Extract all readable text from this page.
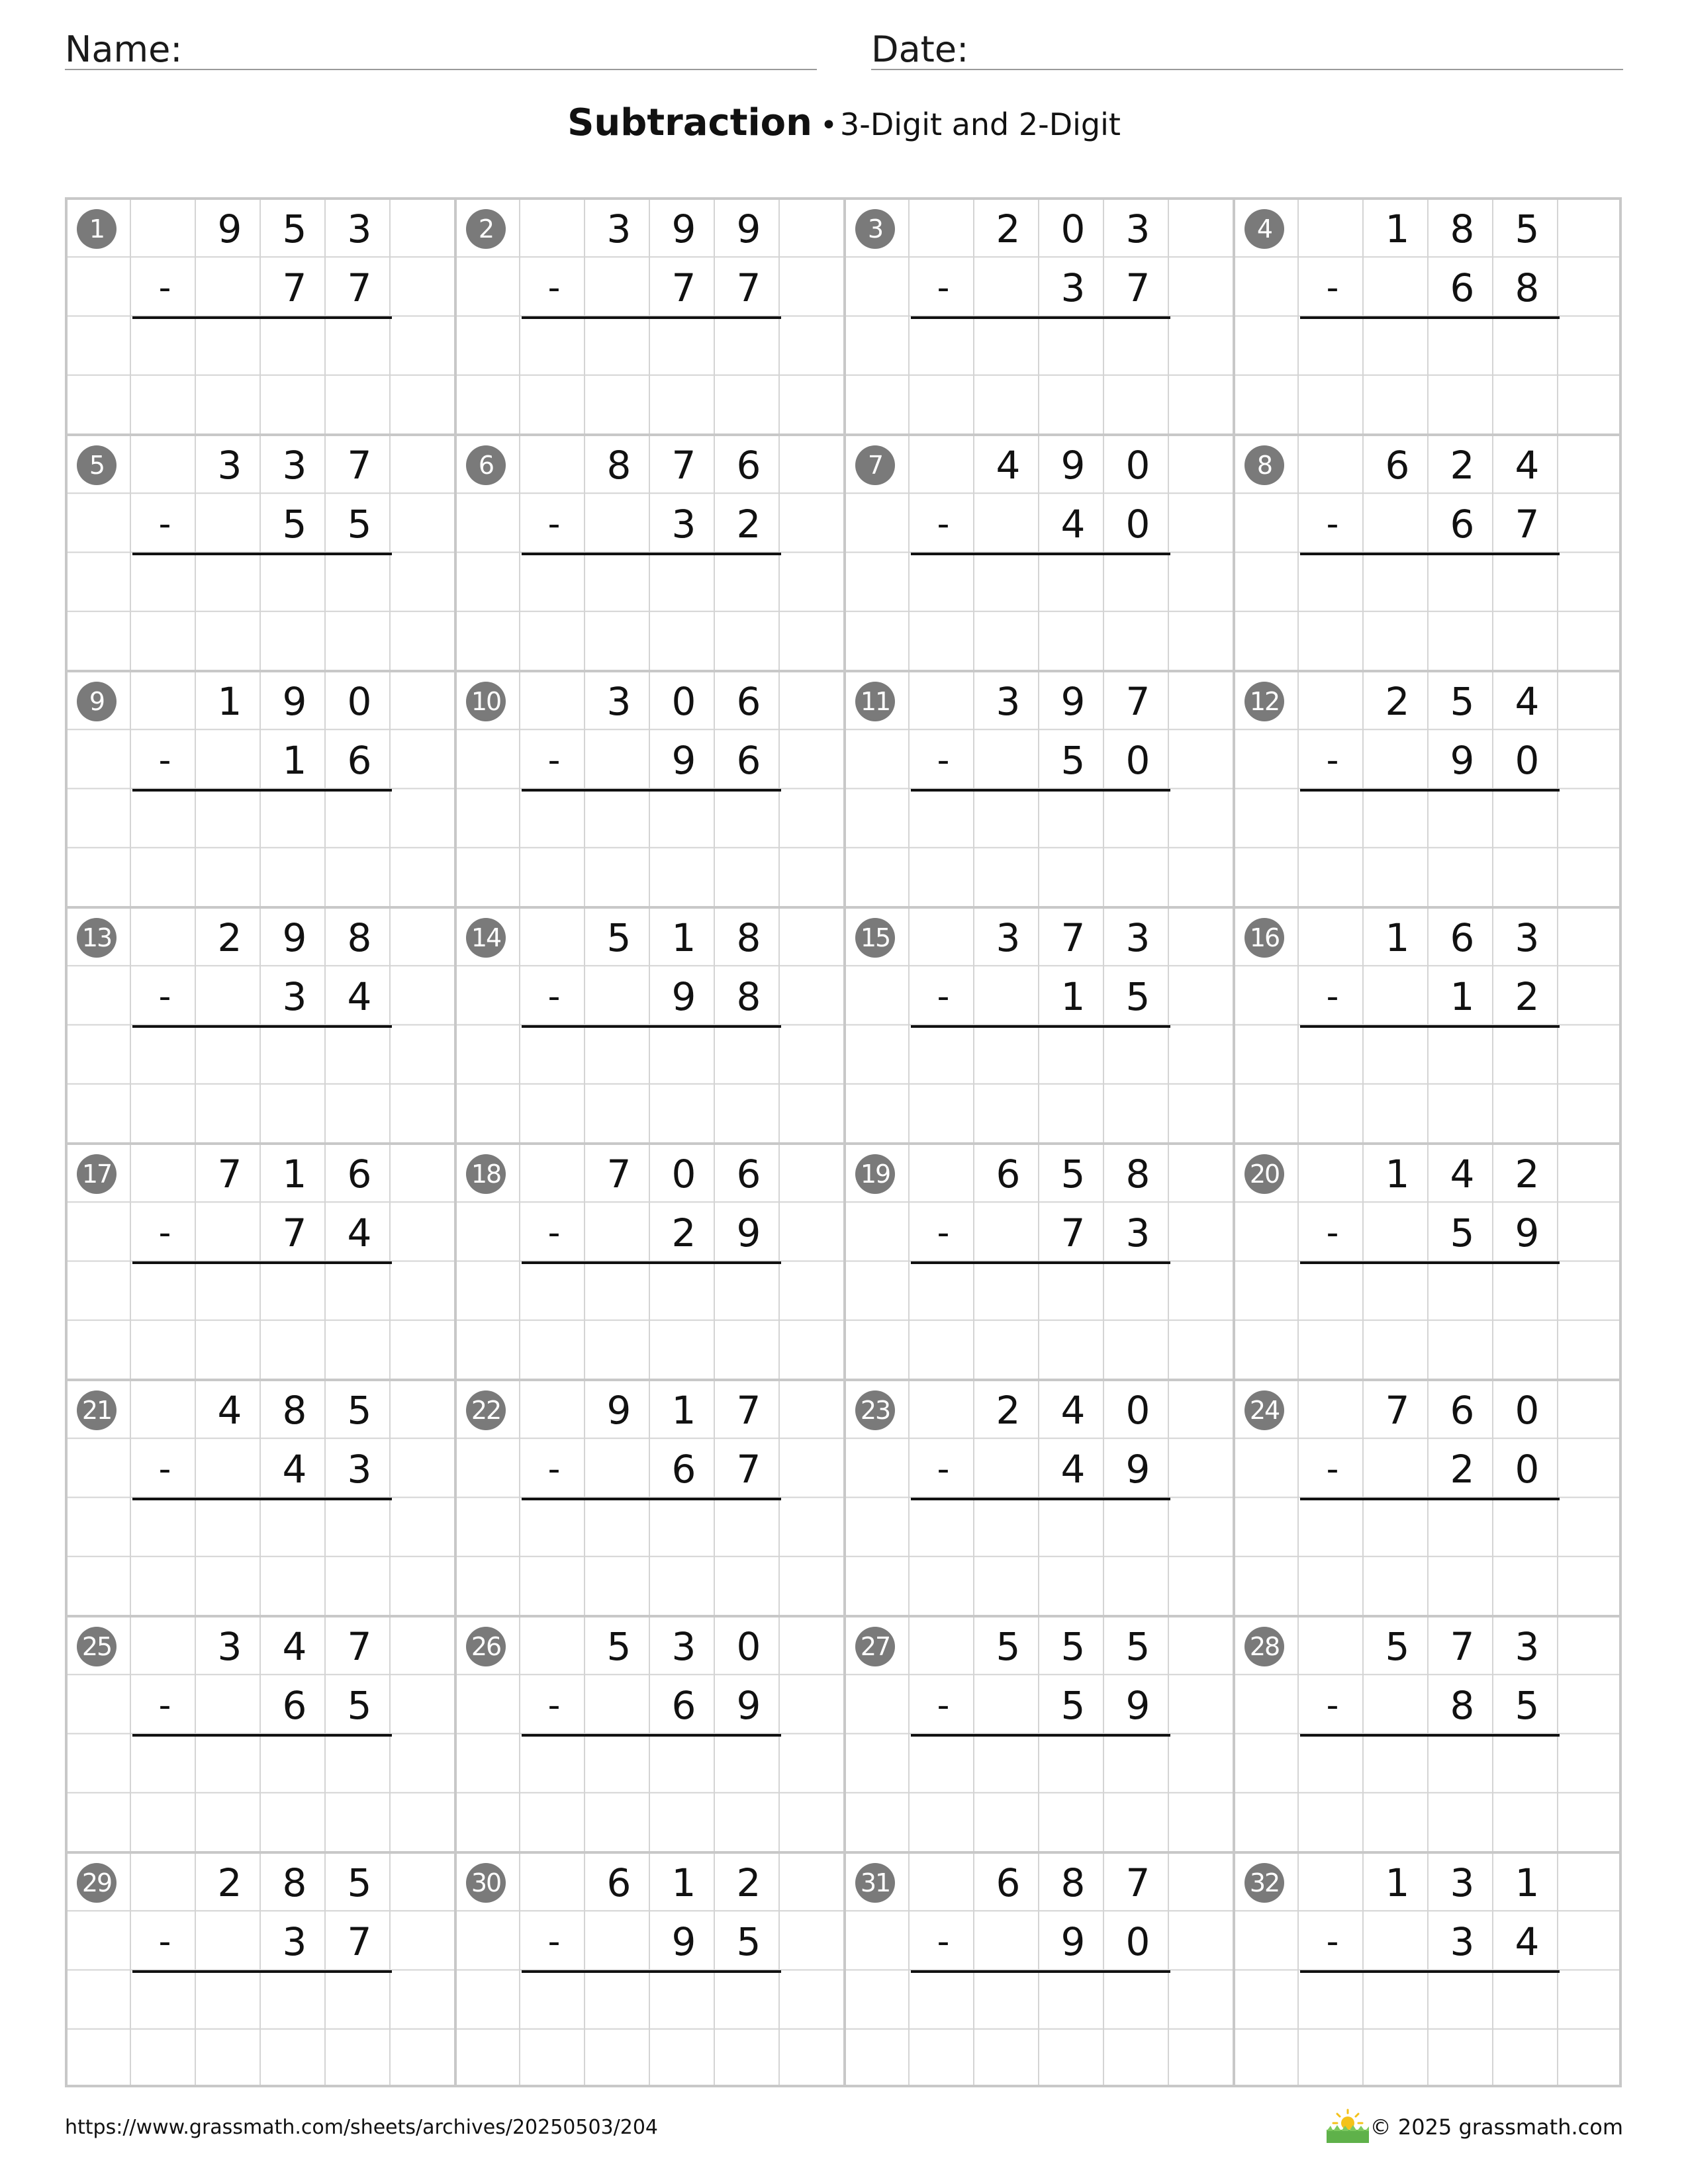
Name:	Date:
Subtraction •3-Digit and 2-Digit
1	9	5	3
-	7	7
2	3	9	9
-	7	7
3	2	0	3
-	3	7
4	1	8	5
-	6	8
5	3	3	7
-	5	5
6	8	7	6
-	3	2
7	4	9	0
-	4	0
8	6	2	4
-	6	7
9	1	9	0
-	1	6
10	3	0	6
-	9	6
11	3	9	7
-	5	0
12	2	5	4
-	9	0
13	2	9	8
-	3	4
14	5	1	8
-	9	8
15	3	7	3
-	1	5
16	1	6	3
-	1	2
17	7	1	6
-	7	4
18	7	0	6
-	2	9
19	6	5	8
-	7	3
20	1	4	2
-	5	9
21	4	8	5
-	4	3
22	9	1	7
-	6	7
23	2	4	0
-	4	9
24	7	6	0
-	2	0
25	3	4	7
-	6	5
26	5	3	0
-	6	9
27	5	5	5
-	5	9
28	5	7	3
-	8	5
29	2	8	5
-	3	7
30	6	1	2
-	9	5
31	6	8	7
-	9	0
32	1	3	1
-	3	4
https://www.grassmath.com/sheets/archives/20250503/204	© 2025 grassmath.com
